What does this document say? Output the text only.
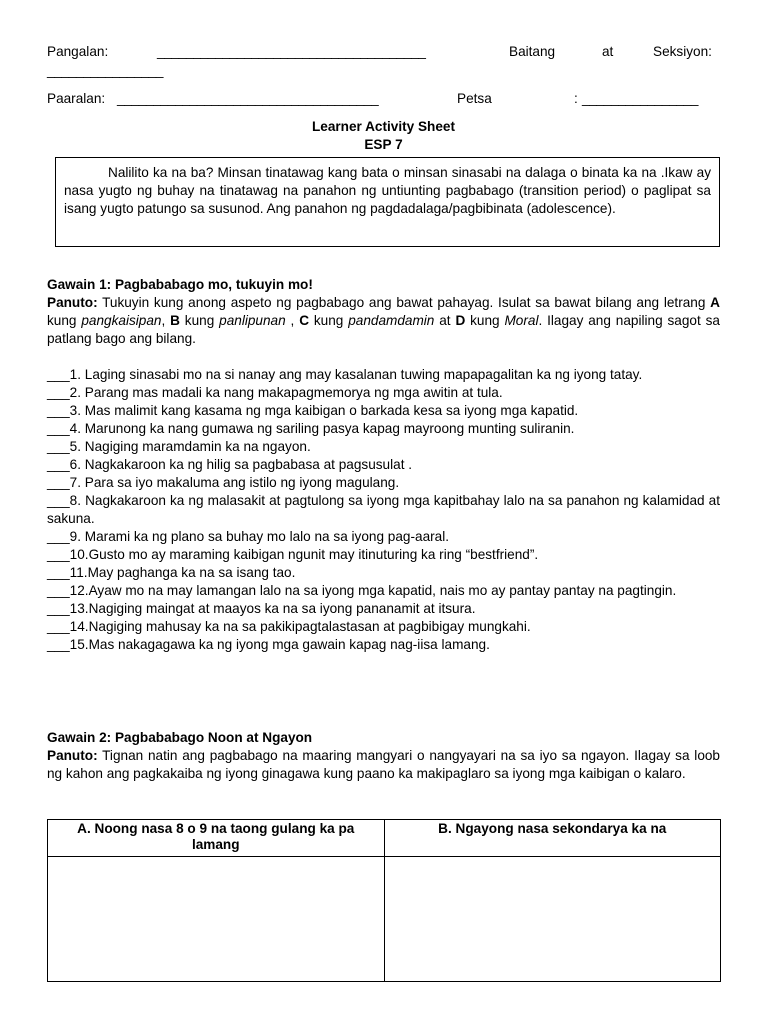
Pangalan:	_____________________________________	Baitang	at	Seksiyon:
________________
Paaralan: ____________________________________	Petsa	: ________________
Learner Activity Sheet
ESP 7

Nalilito ka na ba? Minsan tinatawag kang bata o minsan sinasabi na dalaga o binata ka na .Ikaw ay nasa yugto ng buhay na tinatawag na panahon ng untiunting pagbabago (transition period) o paglipat sa isang yugto patungo sa susunod. Ang panahon ng pagdadalaga/pagbibinata (adolescence).

Gawain 1: Pagbababago mo, tukuyin mo!

Panuto: Tukuyin kung anong aspeto ng pagbabago ang bawat pahayag. Isulat sa bawat bilang ang letrang A kung pangkaisipan, B kung panlipunan , C kung pandamdamin at D kung Moral. Ilagay ang napiling sagot sa patlang bago ang bilang.

___1. Laging sinasabi mo na si nanay ang may kasalanan tuwing mapapagalitan ka ng iyong tatay.

___2. Parang mas madali ka nang makapagmemorya ng mga awitin at tula.

___3. Mas malimit kang kasama ng mga kaibigan o barkada kesa sa iyong mga kapatid.

___4. Marunong ka nang gumawa ng sariling pasya kapag mayroong munting suliranin.

___5. Nagiging maramdamin ka na ngayon.

___6. Nagkakaroon ka ng hilig sa pagbabasa at pagsusulat .

___7. Para sa iyo makaluma ang istilo ng iyong magulang.

___8. Nagkakaroon ka ng malasakit at pagtulong sa iyong mga kapitbahay lalo na sa panahon ng kalamidad at sakuna.

___9. Marami ka ng plano sa buhay mo lalo na sa iyong pag-aaral.

___10.Gusto mo ay maraming kaibigan ngunit may itinuturing ka ring “bestfriend”.

___11.May paghanga ka na sa isang tao.

___12.Ayaw mo na may lamangan lalo na sa iyong mga kapatid, nais mo ay pantay pantay na pagtingin.

___13.Nagiging maingat at maayos ka na sa iyong pananamit at itsura.

___14.Nagiging mahusay ka na sa pakikipagtalastasan at pagbibigay mungkahi.

___15.Mas nakagagawa ka ng iyong mga gawain kapag nag-iisa lamang.

Gawain 2: Pagbababago Noon at Ngayon

Panuto: Tignan natin ang pagbabago na maaring mangyari o nangyayari na sa iyo sa ngayon. Ilagay sa loob ng kahon ang pagkakaiba ng iyong ginagawa kung paano ka makipaglaro sa iyong mga kaibigan o kalaro.

A. Noong nasa 8 o 9 na taong gulang ka pa lamang	B. Ngayong nasa sekondarya ka na
